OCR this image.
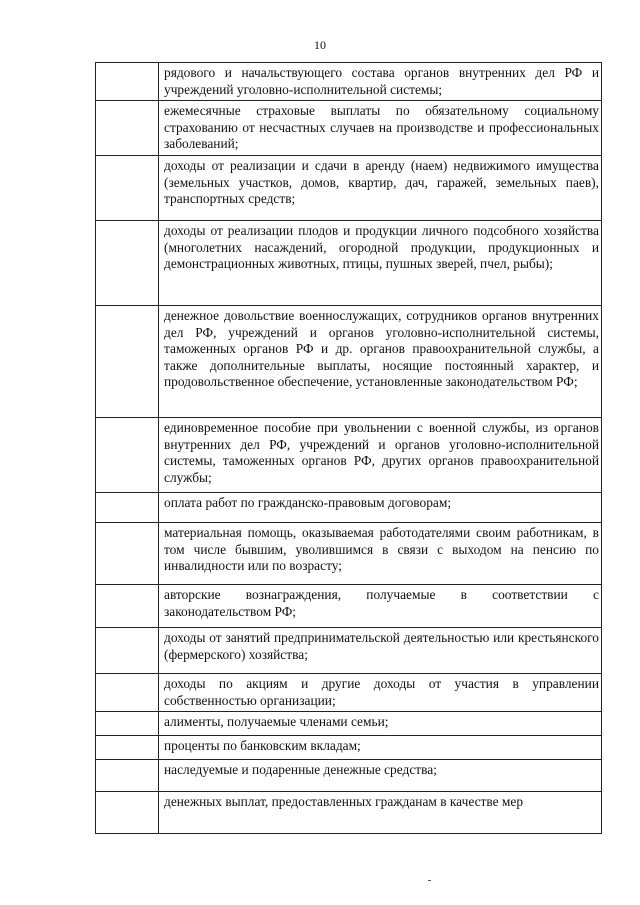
10
	рядового и начальствующего состава органов внутренних дел РФ и учреждений уголовно-исполнительной системы;
	ежемесячные страховые выплаты по обязательному социальному страхованию от несчастных случаев на производстве и профессиональных заболеваний;
	доходы от реализации и сдачи в аренду (наем) недвижимого имущества (земельных участков, домов, квартир, дач, гаражей, земельных паев), транспортных средств;
	доходы от реализации плодов и продукции личного подсобного хозяйства (многолетних насаждений, огородной продукции, продукционных и демонстрационных животных, птицы, пушных зверей, пчел, рыбы);
	денежное довольствие военнослужащих, сотрудников органов внутренних дел РФ, учреждений и органов уголовно-исполнительной системы, таможенных органов РФ и др. органов правоохранительной службы, а также дополнительные выплаты, носящие постоянный характер, и продовольственное обеспечение, установленные законодательством РФ;
	единовременное пособие при увольнении с военной службы, из органов внутренних дел РФ, учреждений и органов уголовно-исполнительной системы, таможенных органов РФ, других органов правоохранительной службы;
	оплата работ по гражданско-правовым договорам;
	материальная помощь, оказываемая работодателями своим работникам, в том числе бывшим, уволившимся в связи с выходом на пенсию по инвалидности или по возрасту;
	авторские вознаграждения, получаемые в соответствии с законодательством РФ;
	доходы от занятий предпринимательской деятельностью или крестьянского (фермерского) хозяйства;
	доходы по акциям и другие доходы от участия в управлении собственностью организации;
	алименты, получаемые членами семьи;
	проценты по банковским вкладам;
	наследуемые и подаренные денежные средства;
	денежных выплат, предоставленных гражданам в качестве мер
